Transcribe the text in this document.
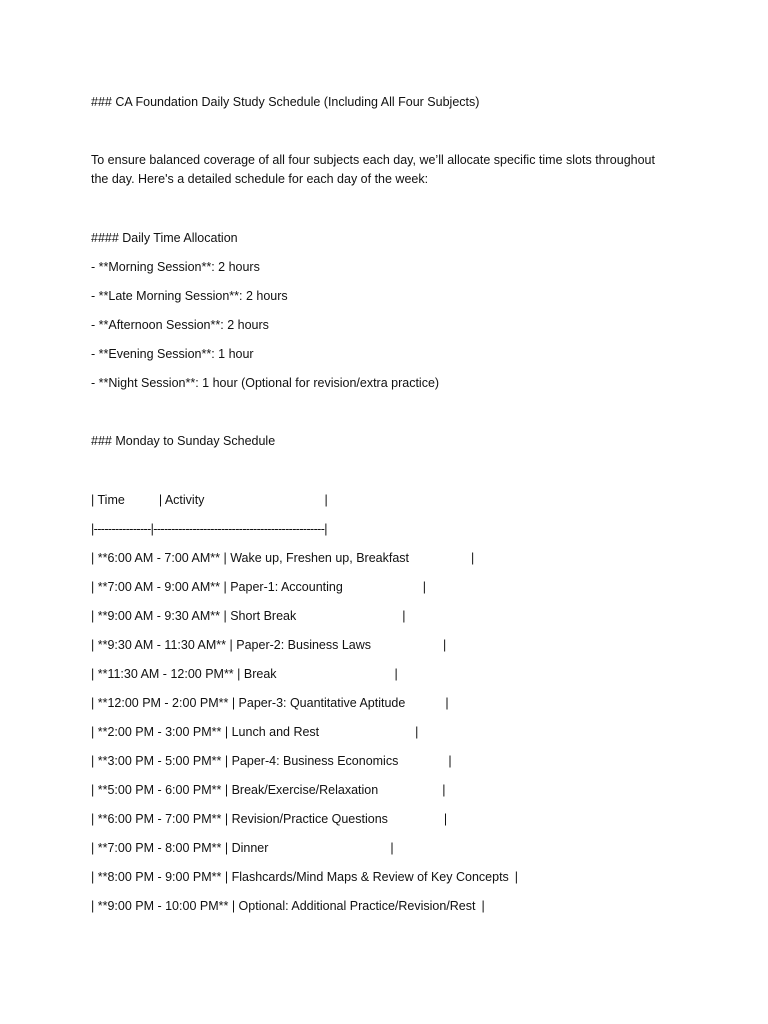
### CA Foundation Daily Study Schedule (Including All Four Subjects)

To ensure balanced coverage of all four subjects each day, we’ll allocate specific time slots throughout
the day. Here's a detailed schedule for each day of the week:

#### Daily Time Allocation

- **Morning Session**: 2 hours

- **Late Morning Session**: 2 hours

- **Afternoon Session**: 2 hours

- **Evening Session**: 1 hour

- **Night Session**: 1 hour (Optional for revision/extra practice)

### Monday to Sunday Schedule

| Time	| Activity	|

|----------------|------------------------------------------------|

| **6:00 AM - 7:00 AM** | Wake up, Freshen up, Breakfast	|

| **7:00 AM - 9:00 AM** | Paper-1: Accounting	|

| **9:00 AM - 9:30 AM** | Short Break	|

| **9:30 AM - 11:30 AM** | Paper-2: Business Laws	|

| **11:30 AM - 12:00 PM** | Break	|

| **12:00 PM - 2:00 PM** | Paper-3: Quantitative Aptitude	|

| **2:00 PM - 3:00 PM** | Lunch and Rest	|

| **3:00 PM - 5:00 PM** | Paper-4: Business Economics	|

| **5:00 PM - 6:00 PM** | Break/Exercise/Relaxation	|

| **6:00 PM - 7:00 PM** | Revision/Practice Questions	|

| **7:00 PM - 8:00 PM** | Dinner	|

| **8:00 PM - 9:00 PM** | Flashcards/Mind Maps & Review of Key Concepts |

| **9:00 PM - 10:00 PM** | Optional: Additional Practice/Revision/Rest |
